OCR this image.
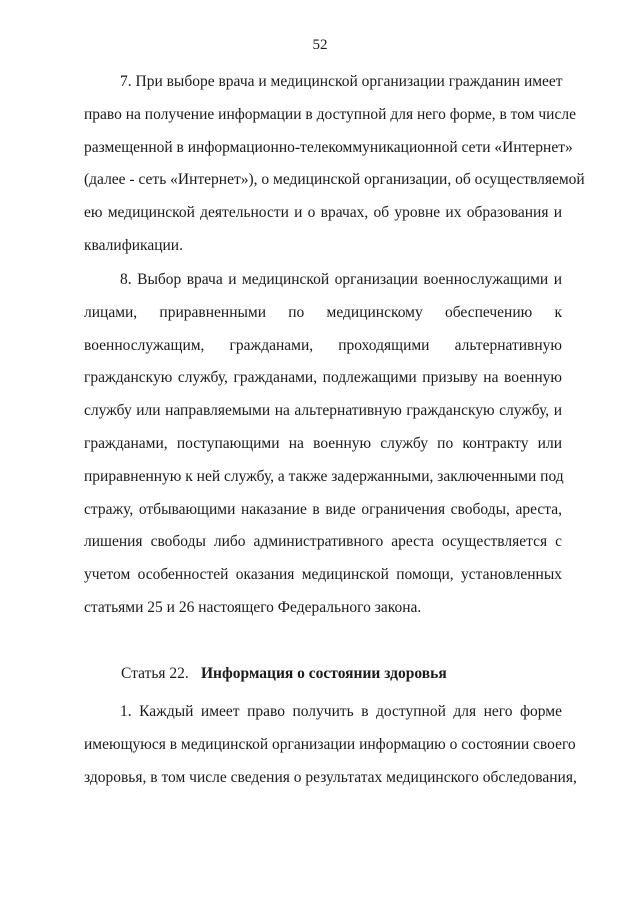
52
7. При выборе врача и медицинской организации гражданин имеет
право на получение информации в доступной для него форме, в том числе
размещенной в информационно-телекоммуникационной сети «Интернет»
(далее - сеть «Интернет»), о медицинской организации, об осуществляемой
ею медицинской деятельности и о врачах, об уровне их образования и
квалификации.
8. Выбор врача и медицинской организации военнослужащими и
лицами, приравненными по медицинскому обеспечению к
военнослужащим, гражданами, проходящими альтернативную
гражданскую службу, гражданами, подлежащими призыву на военную
службу или направляемыми на альтернативную гражданскую службу, и
гражданами, поступающими на военную службу по контракту или
приравненную к ней службу, а также задержанными, заключенными под
стражу, отбывающими наказание в виде ограничения свободы, ареста,
лишения свободы либо административного ареста осуществляется с
учетом особенностей оказания медицинской помощи, установленных
статьями 25 и 26 настоящего Федерального закона.

Статья 22. Информация о состоянии здоровья

1. Каждый имеет право получить в доступной для него форме
имеющуюся в медицинской организации информацию о состоянии своего
здоровья, в том числе сведения о результатах медицинского обследования,
